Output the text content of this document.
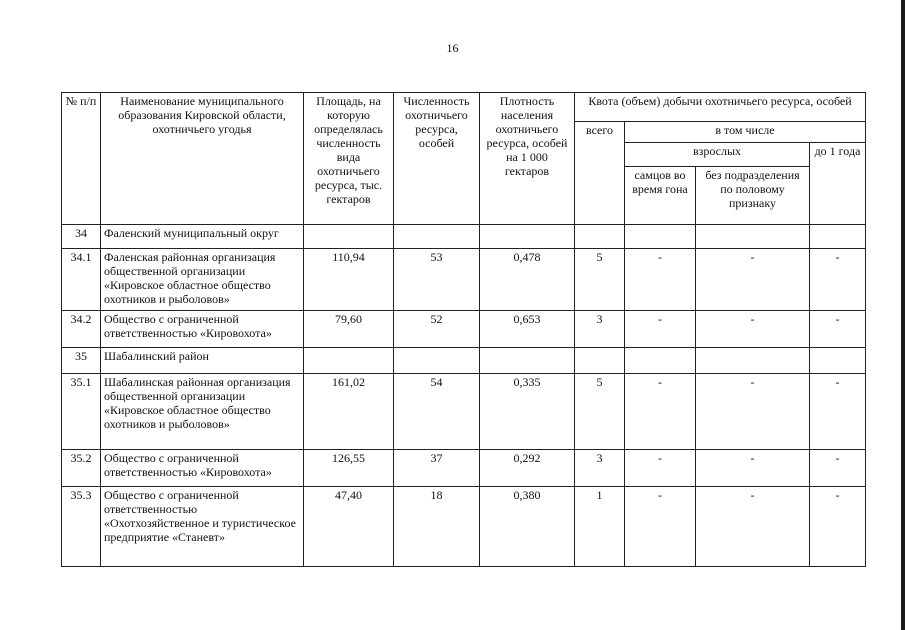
16
№ п/п	Наименование муниципального образования Кировской области, охотничьего угодья	Площадь, на которую определялась численность вида охотничьего ресурса, тыс. гектаров	Численность охотничьего ресурса, особей	Плотность населения охотничьего ресурса, особей на 1 000 гектаров	Квота (объем) добычи охотничьего ресурса, особей			
					всего	в том числе		
						взрослых		до 1 года
						самцов во время гона	без подразделения по половому признаку	
34	Фаленский муниципальный округ							
34.1	Фаленская районная организация общественной организации «Кировское областное общество охотников и рыболовов»	110,94	53	0,478	5	-	-	-
34.2	Общество с ограниченной ответственностью «Кировохота»	79,60	52	0,653	3	-	-	-
35	Шабалинский район							
35.1	Шабалинская районная организация общественной организации «Кировское областное общество охотников и рыболовов»	161,02	54	0,335	5	-	-	-
35.2	Общество с ограниченной ответственностью «Кировохота»	126,55	37	0,292	3	-	-	-
35.3	Общество с ограниченной ответственностью «Охотхозяйственное и туристическое предприятие «Станевт»	47,40	18	0,380	1	-	-	-
